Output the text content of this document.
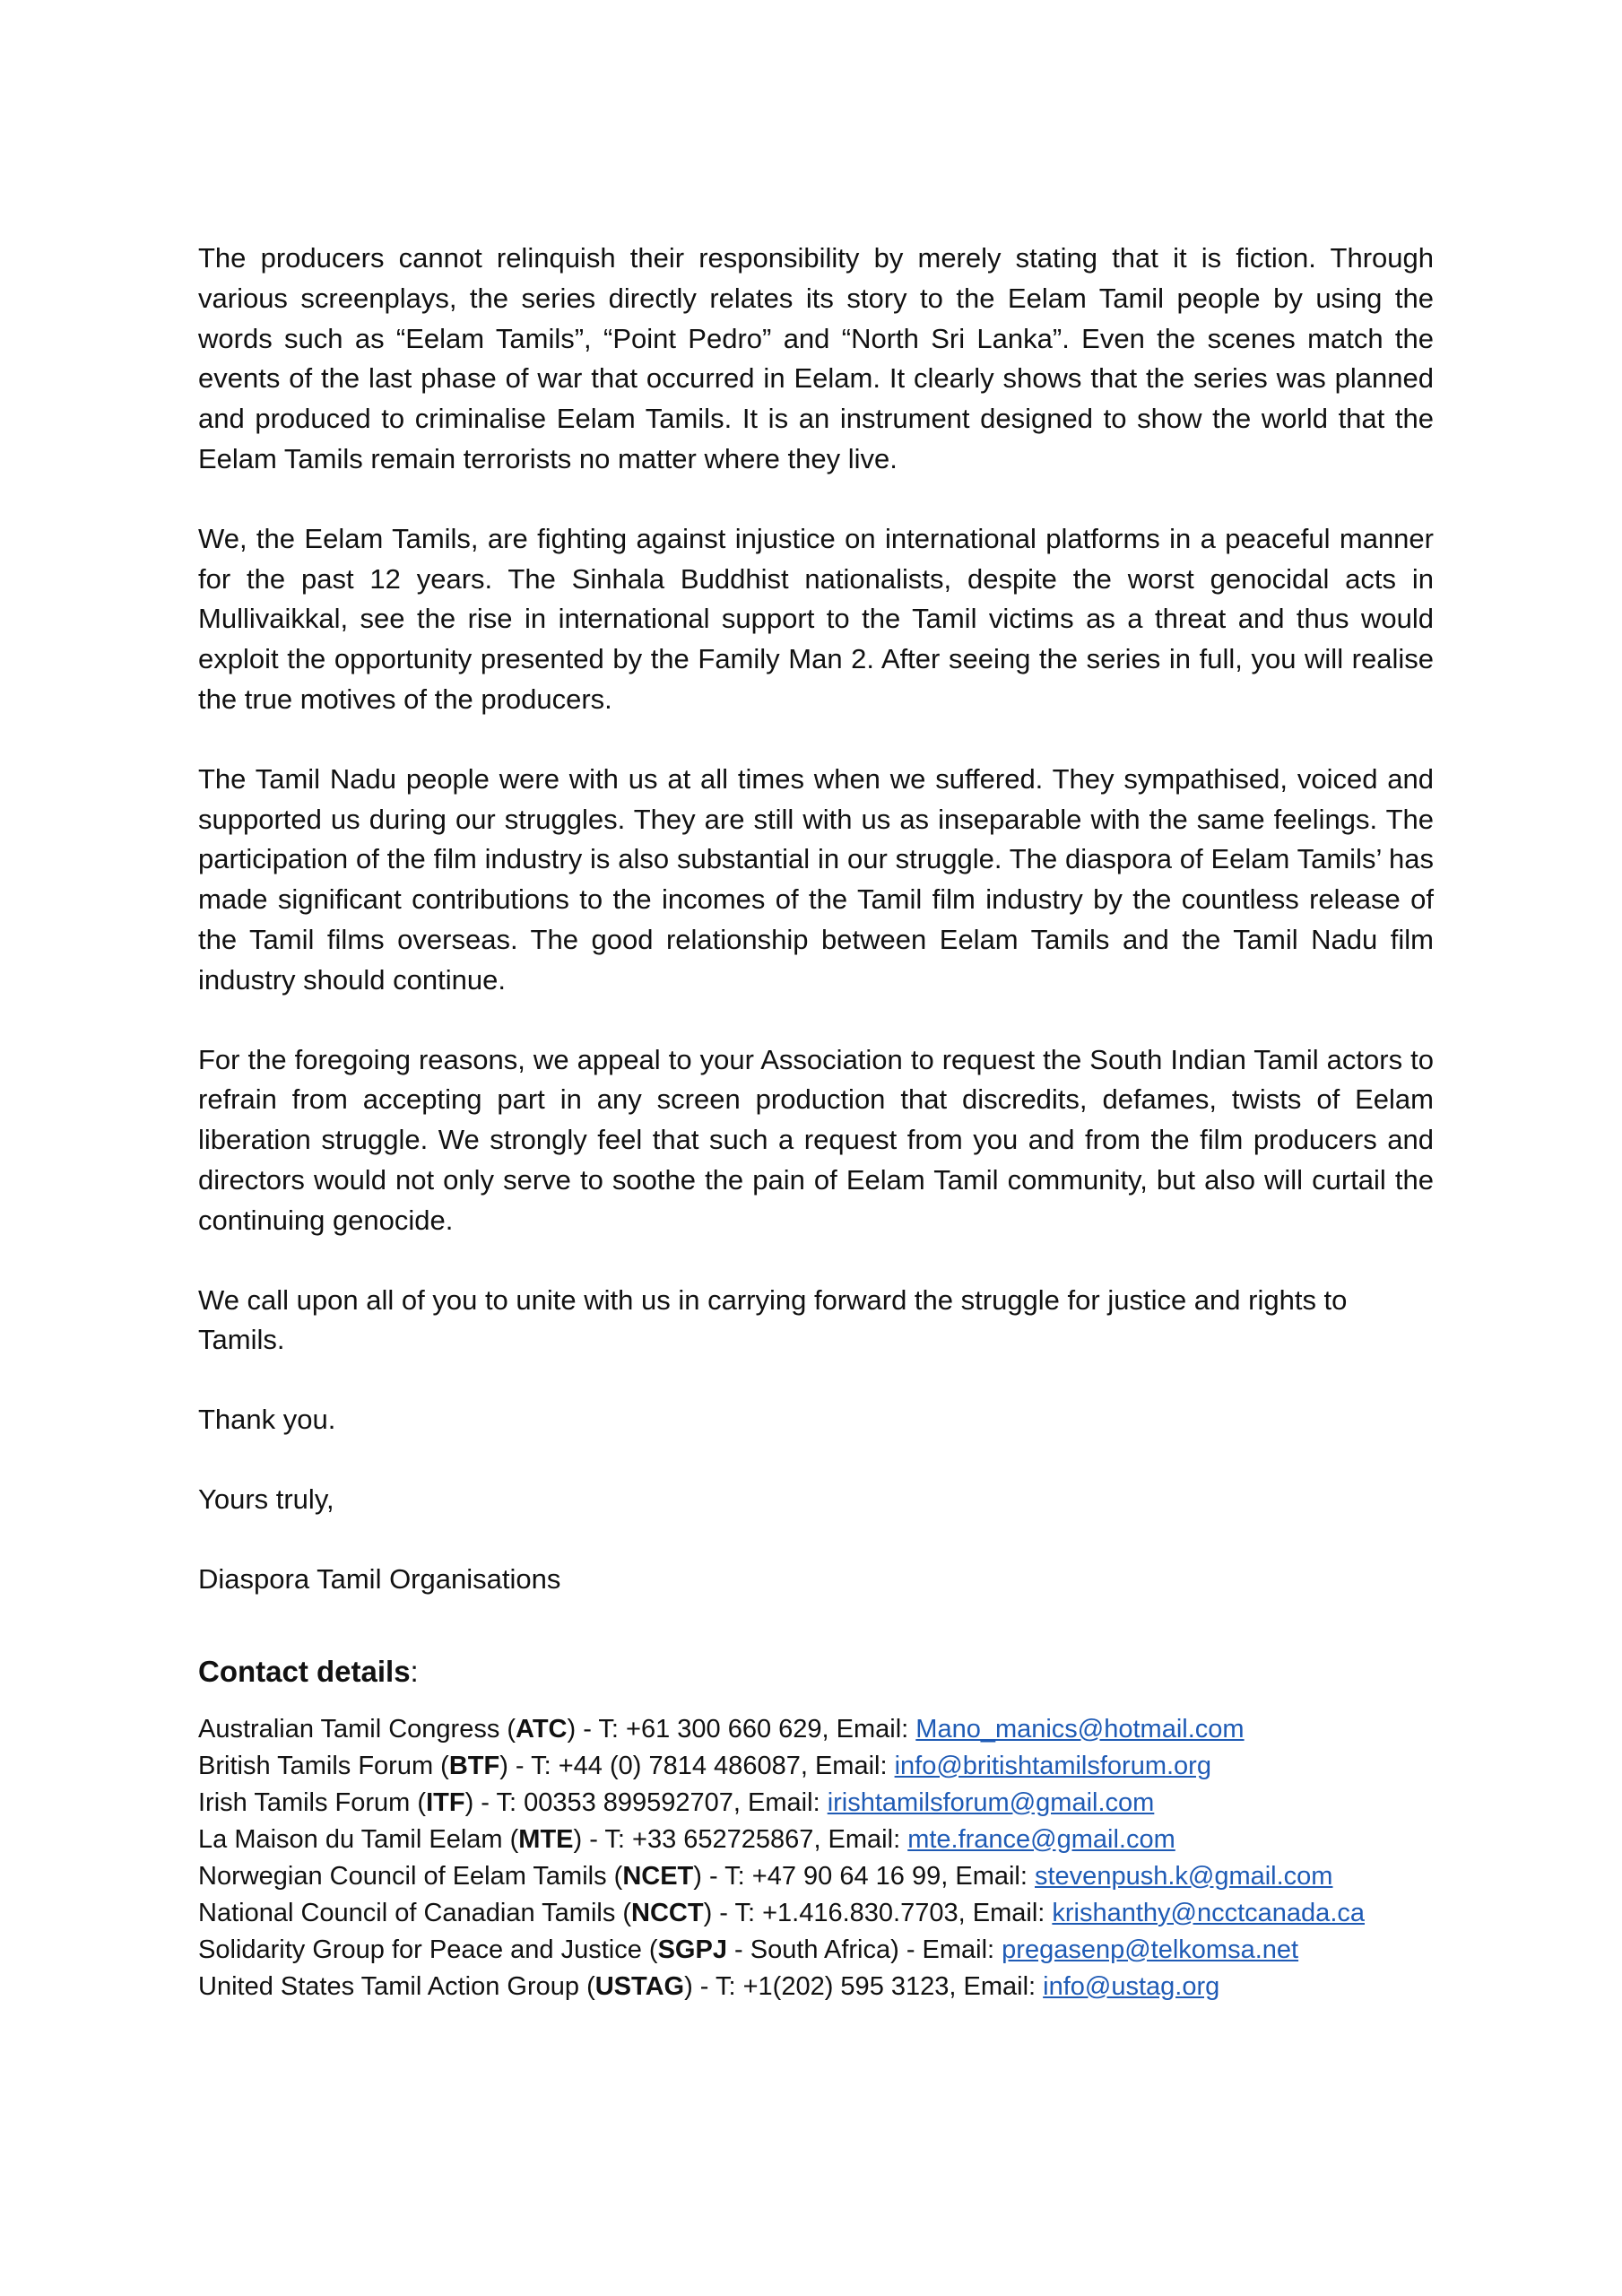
The producers cannot relinquish their responsibility by merely stating that it is fiction. Through various screenplays, the series directly relates its story to the Eelam Tamil people by using the words such as “Eelam Tamils”, “Point Pedro” and “North Sri Lanka”. Even the scenes match the events of the last phase of war that occurred in Eelam. It clearly shows that the series was planned and produced to criminalise Eelam Tamils. It is an instrument designed to show the world that the Eelam Tamils remain terrorists no matter where they live.

We, the Eelam Tamils, are fighting against injustice on international platforms in a peaceful manner for the past 12 years. The Sinhala Buddhist nationalists, despite the worst genocidal acts in Mullivaikkal, see the rise in international support to the Tamil victims as a threat and thus would exploit the opportunity presented by the Family Man 2. After seeing the series in full, you will realise the true motives of the producers.

The Tamil Nadu people were with us at all times when we suffered. They sympathised, voiced and supported us during our struggles. They are still with us as inseparable with the same feelings. The participation of the film industry is also substantial in our struggle. The diaspora of Eelam Tamils’ has made significant contributions to the incomes of the Tamil film industry by the countless release of the Tamil films overseas. The good relationship between Eelam Tamils and the Tamil Nadu film industry should continue.

For the foregoing reasons, we appeal to your Association to request the South Indian Tamil actors to refrain from accepting part in any screen production that discredits, defames, twists of Eelam liberation struggle. We strongly feel that such a request from you and from the film producers and directors would not only serve to soothe the pain of Eelam Tamil community, but also will curtail the continuing genocide.

We call upon all of you to unite with us in carrying forward the struggle for justice and rights to Tamils.

Thank you.

Yours truly,

Diaspora Tamil Organisations

Contact details:
Australian Tamil Congress (ATC) - T: +61 300 660 629, Email: Mano_manics@hotmail.com
British Tamils Forum (BTF) - T: +44 (0) 7814 486087, Email: info@britishtamilsforum.org
Irish Tamils Forum (ITF) - T: 00353 899592707, Email: irishtamilsforum@gmail.com
La Maison du Tamil Eelam (MTE) - T: +33 652725867, Email: mte.france@gmail.com
Norwegian Council of Eelam Tamils (NCET) - T: +47 90 64 16 99, Email: stevenpush.k@gmail.com
National Council of Canadian Tamils (NCCT) - T: +1.416.830.7703, Email: krishanthy@ncctcanada.ca
Solidarity Group for Peace and Justice (SGPJ - South Africa) - Email: pregasenp@telkomsa.net
United States Tamil Action Group (USTAG) - T: +1(202) 595 3123, Email: info@ustag.org
